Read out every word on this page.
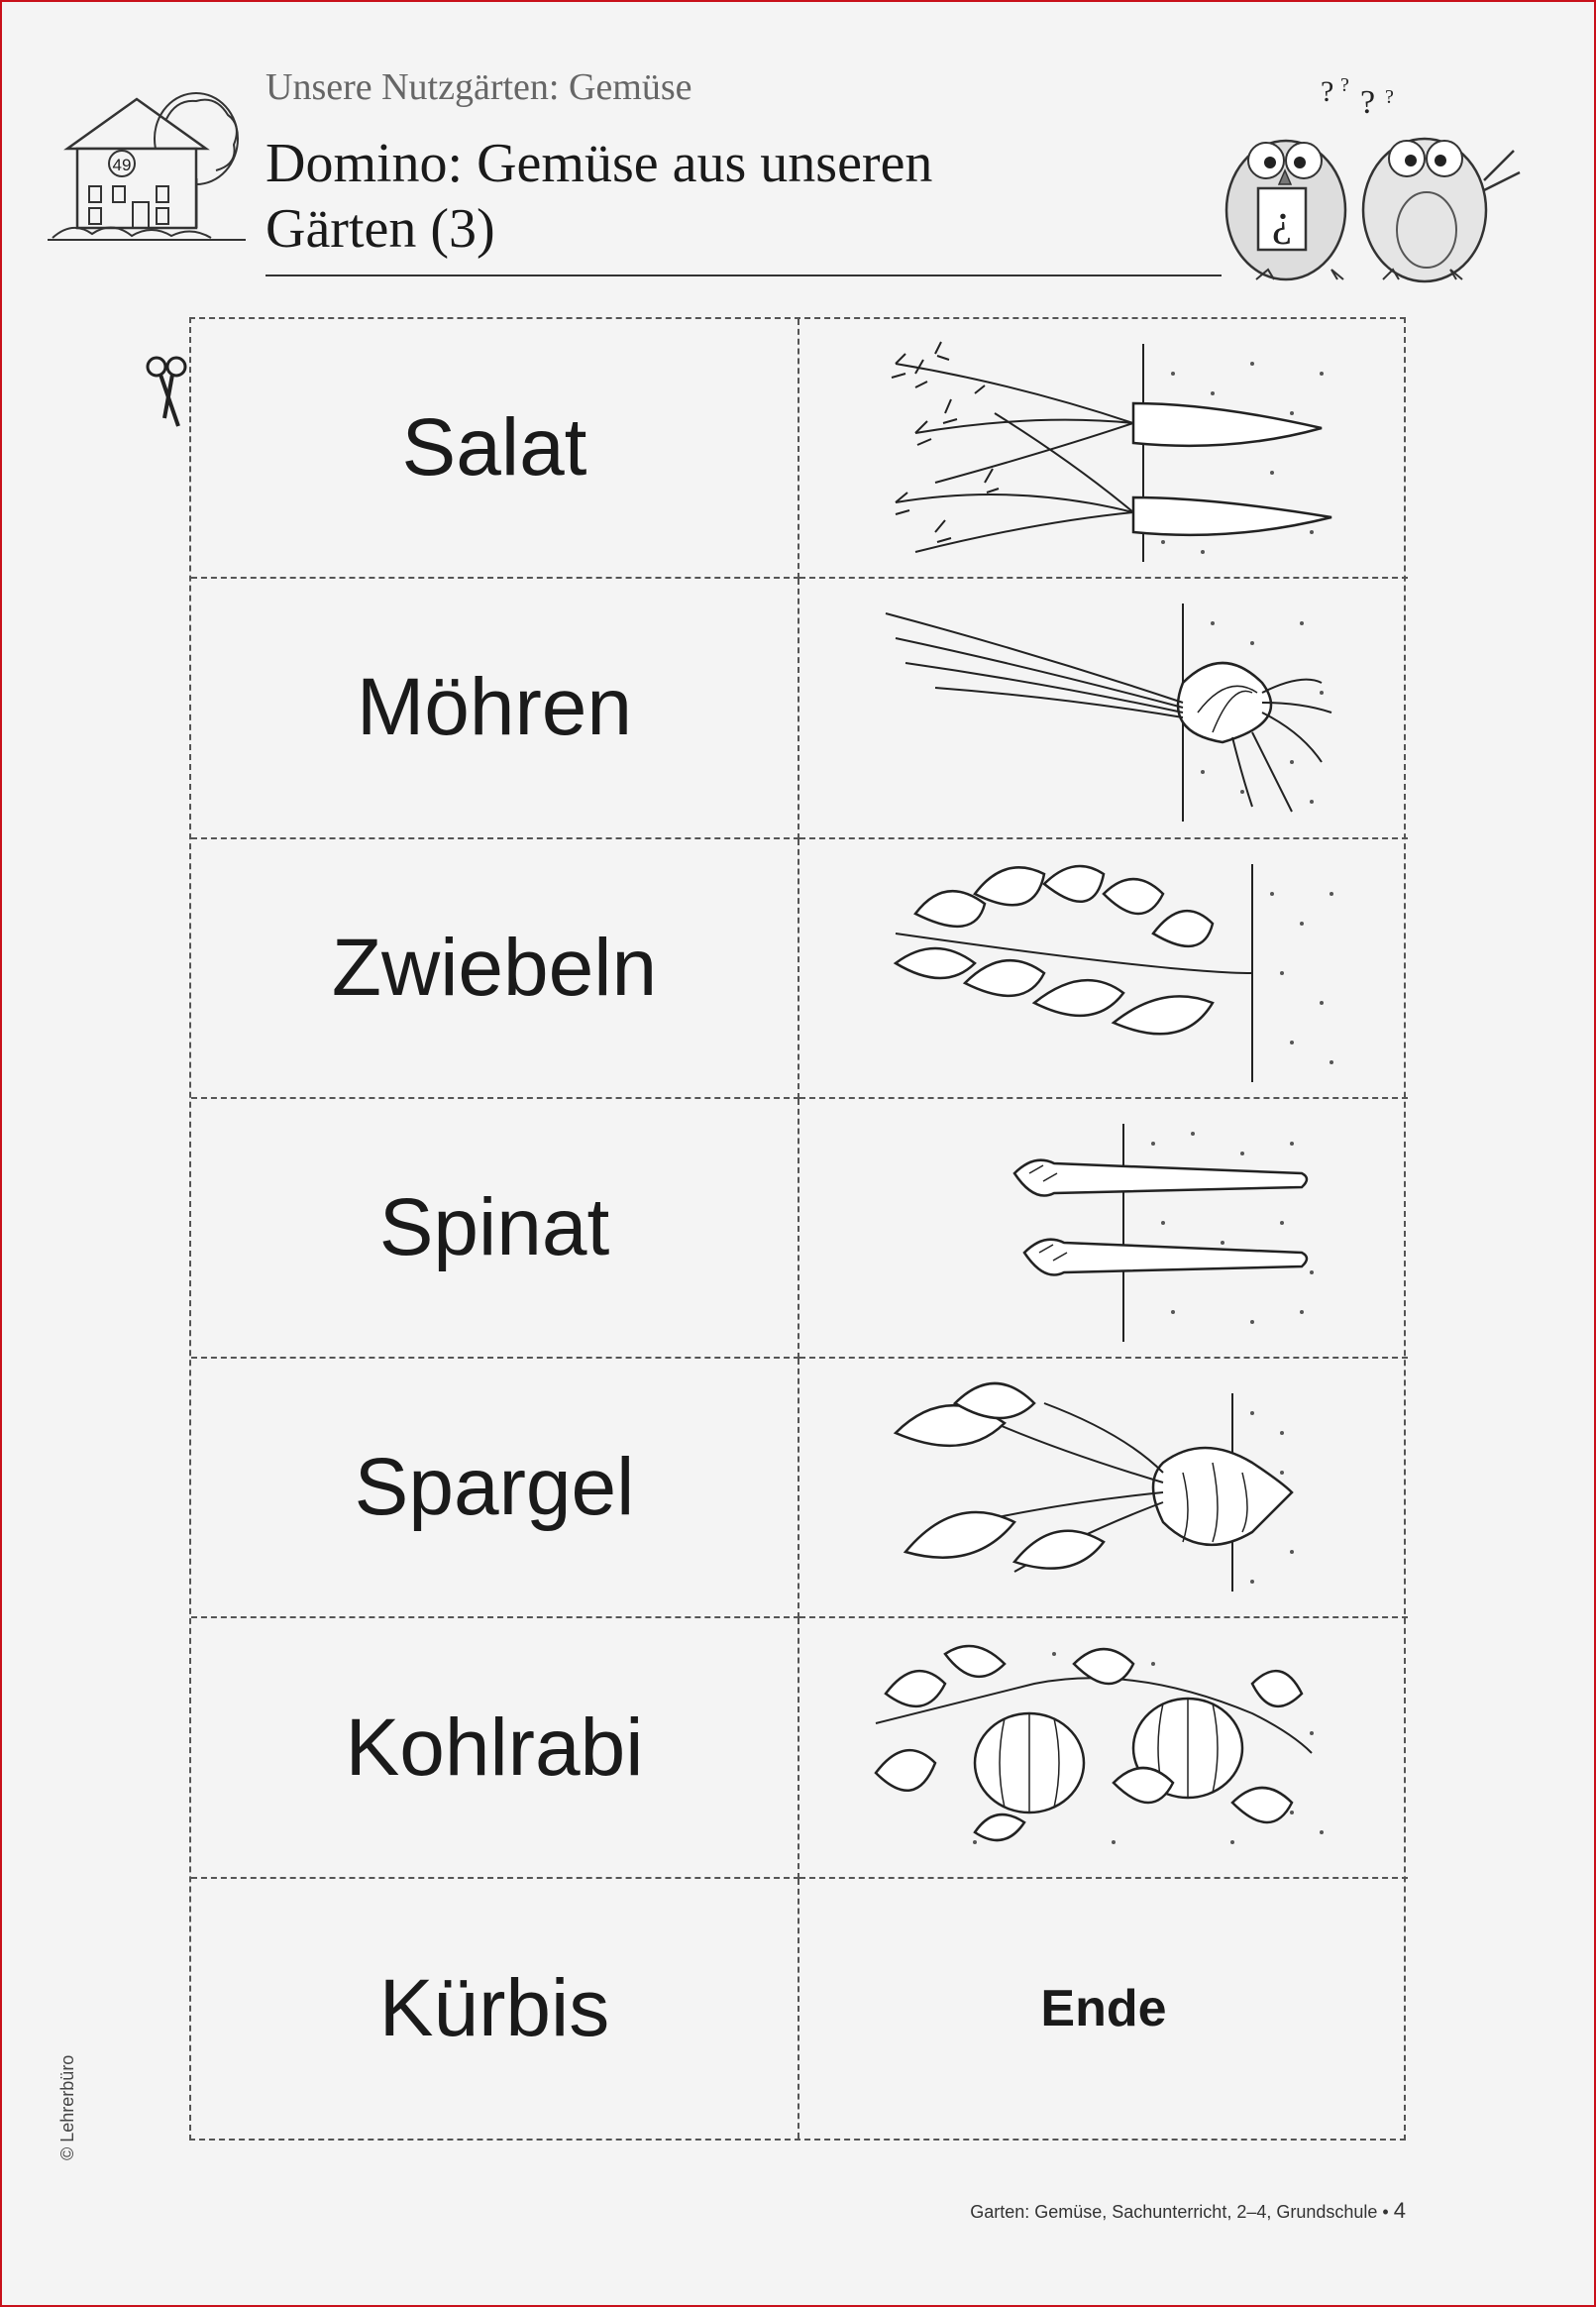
49
Unsere Nutzgärten: Gemüse
Domino: Gemüse aus unseren
Gärten (3)
? ? ? ?
¿
Salat
Möhren
Zwiebeln
Spinat
Spargel
Kohlrabi
Kürbis	Ende
© Lehrerbüro
Garten: Gemüse, Sachunterricht, 2–4, Grundschule • 4
